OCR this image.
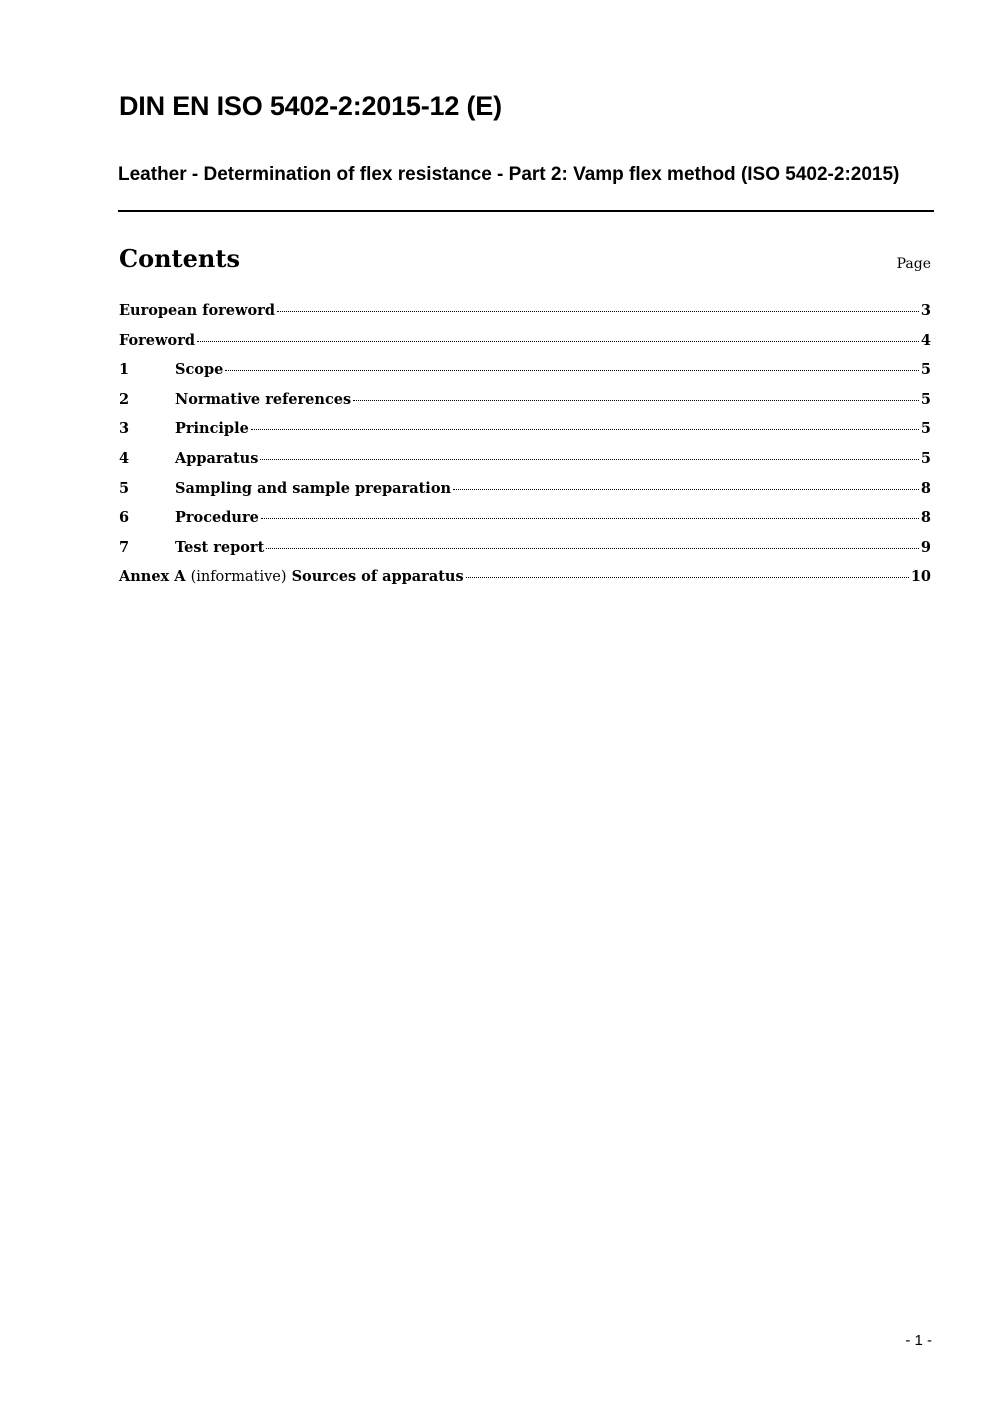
DIN EN ISO 5402-2:2015-12 (E)
Leather - Determination of flex resistance - Part 2: Vamp flex method (ISO 5402-2:2015)
Contents	Page
European foreword	3
Foreword	4
1	Scope	5
2	Normative references	5
3	Principle	5
4	Apparatus	5
5	Sampling and sample preparation	8
6	Procedure	8
7	Test report	9
Annex A (informative) Sources of apparatus	10
- 1 -
